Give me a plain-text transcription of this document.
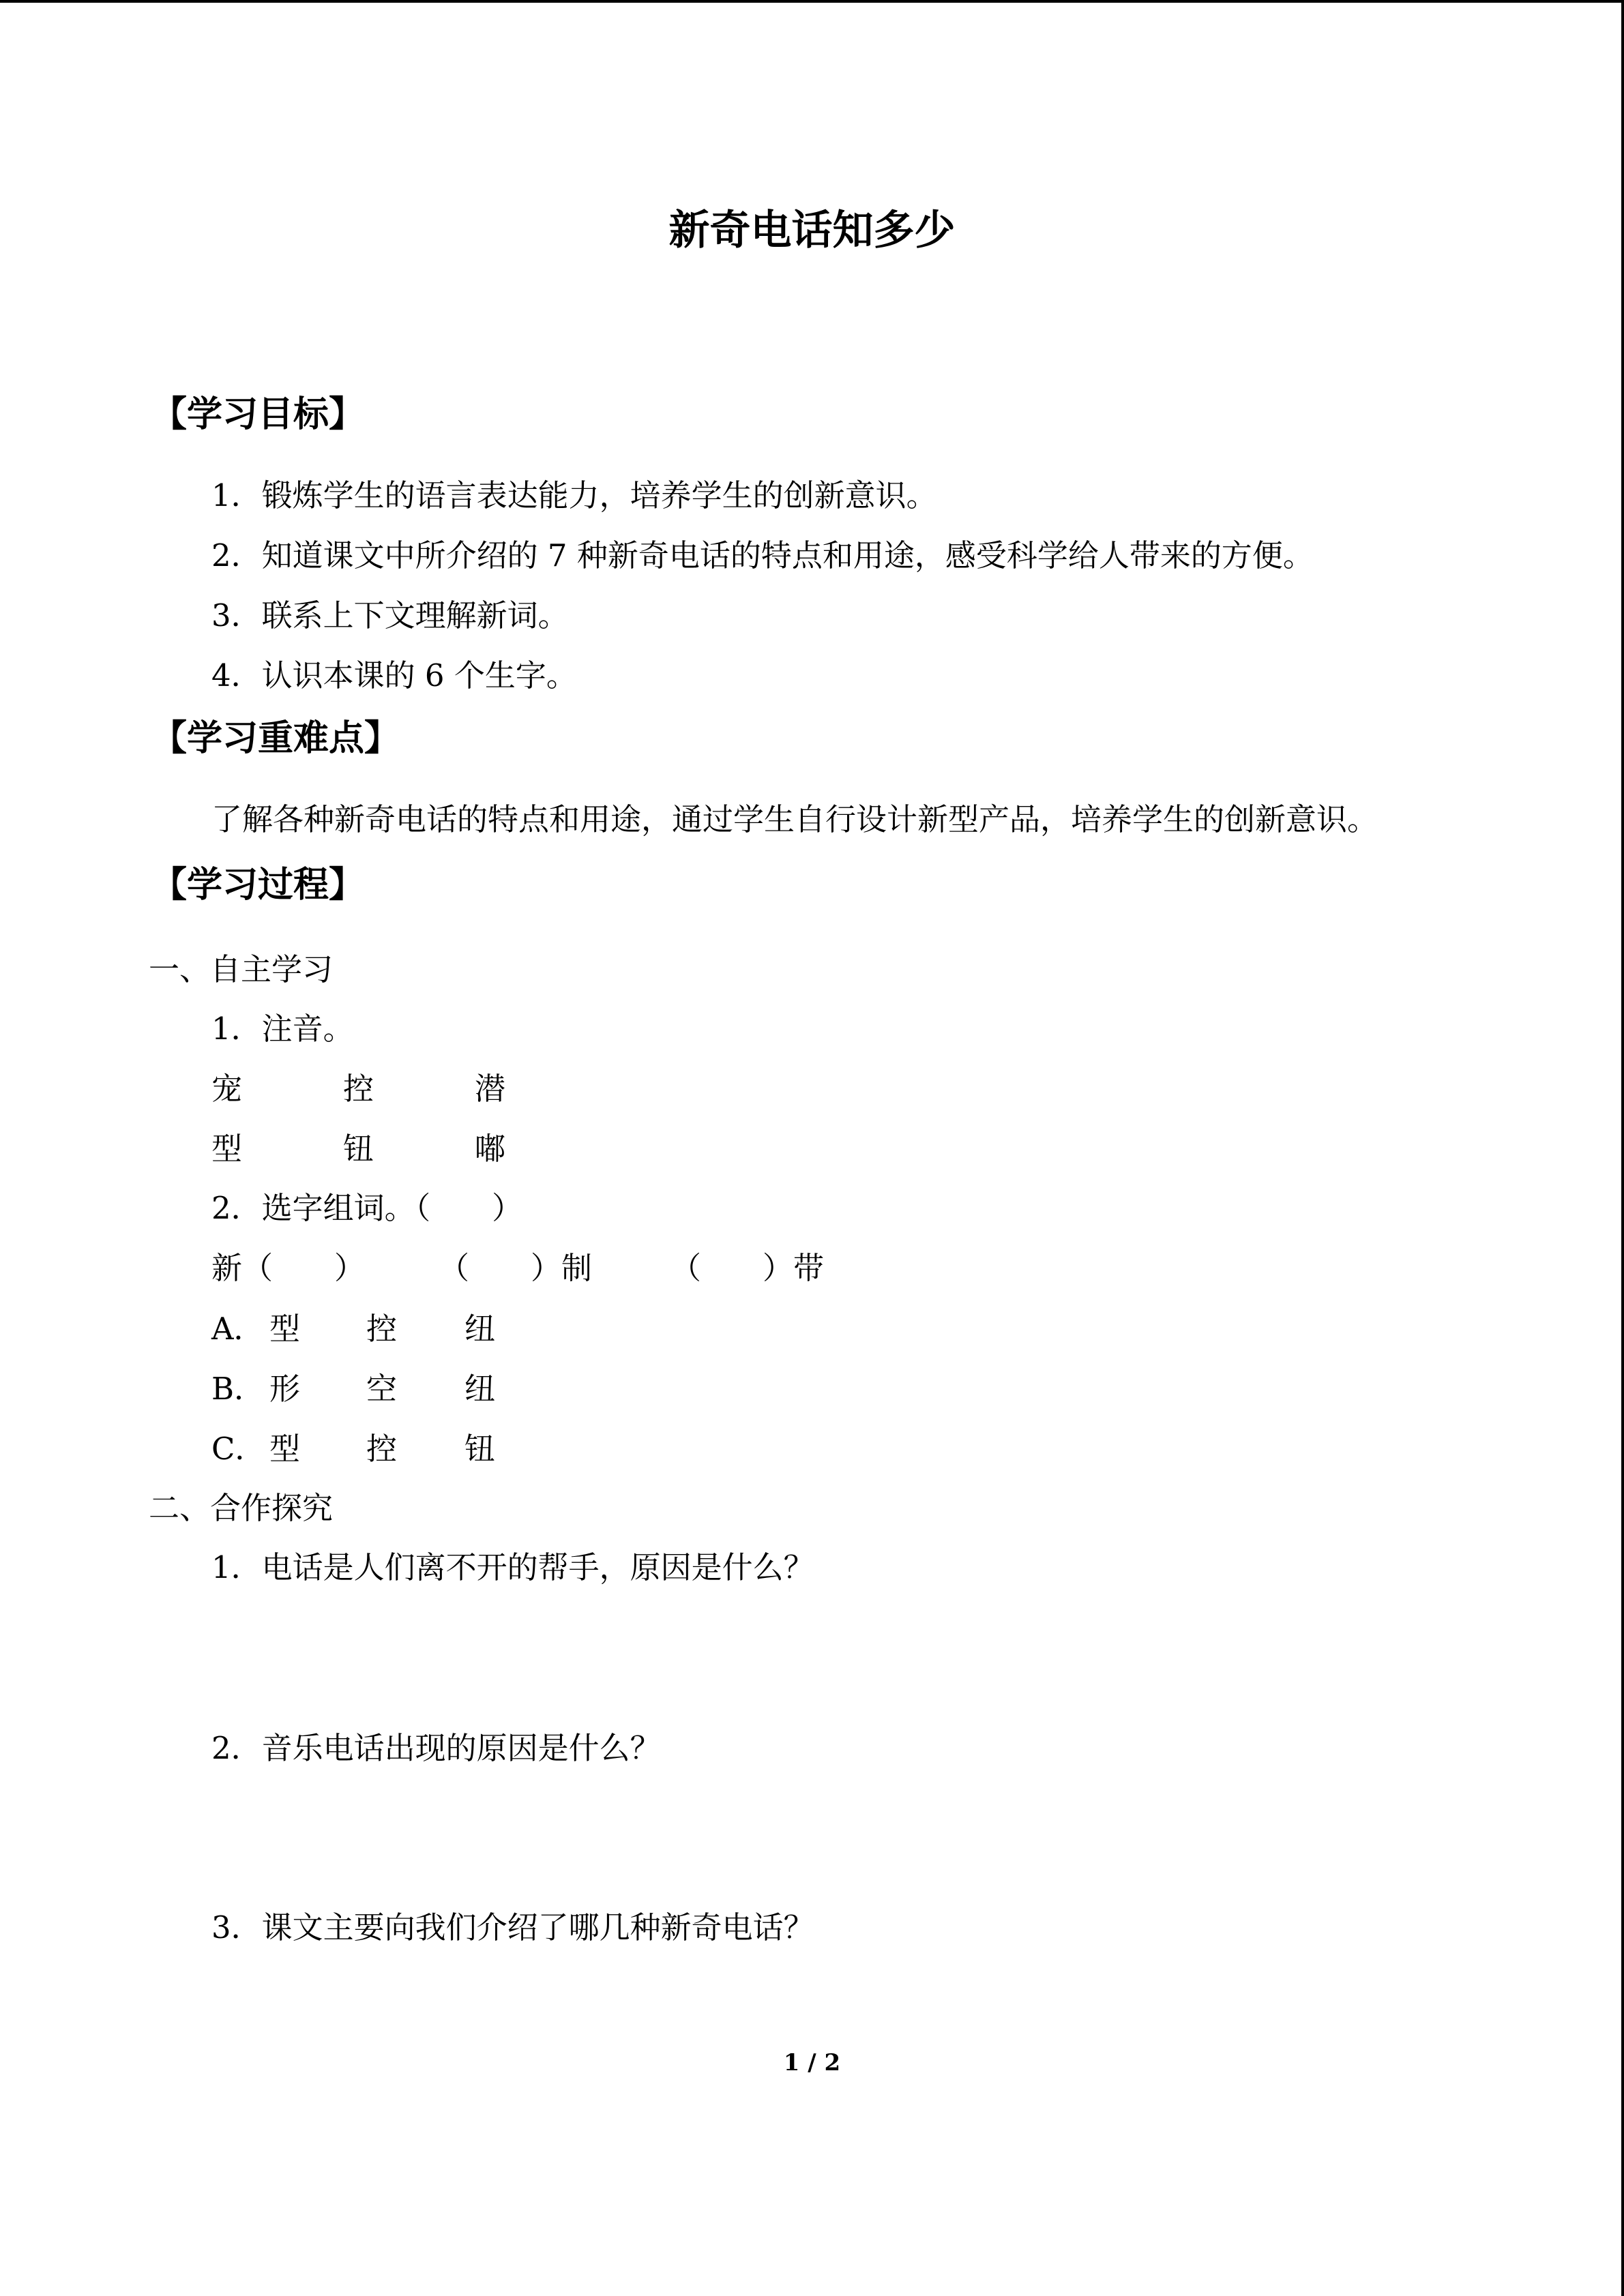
新奇电话知多少
【学习目标】
1．锻炼学生的语言表达能力，培养学生的创新意识。
2．知道课文中所介绍的 7 种新奇电话的特点和用途，感受科学给人带来的方便。
3．联系上下文理解新词。
4．认识本课的 6 个生字。
【学习重难点】
了解各种新奇电话的特点和用途，通过学生自行设计新型产品，培养学生的创新意识。
【学习过程】
一、自主学习
1．注音。
宠	控	潜
型	钮	嘟
2．选字组词。（　　）
新（　　） （　　）制	（　　）带
A． 型 控 纽
B． 形 空 纽
C． 型 控 钮
二、合作探究
1．电话是人们离不开的帮手，原因是什么？
2．音乐电话出现的原因是什么？
3．课文主要向我们介绍了哪几种新奇电话？
1 / 2
